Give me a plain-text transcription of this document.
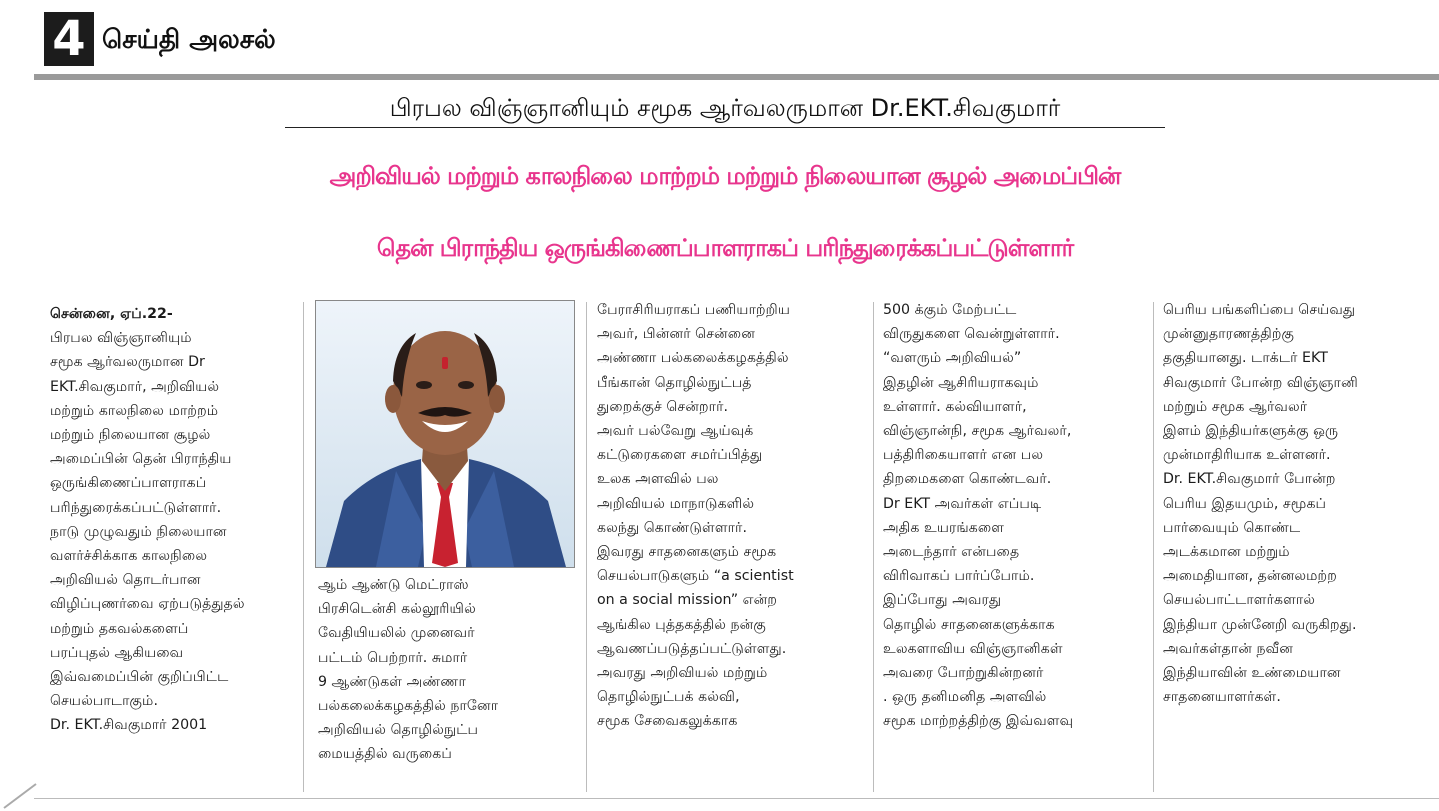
4 செய்தி அலசல்
பிரபல விஞ்ஞானியும் சமூக ஆர்வலருமான Dr.EKT.சிவகுமார்
அறிவியல் மற்றும் காலநிலை மாற்றம் மற்றும் நிலையான சூழல் அமைப்பின்
தென் பிராந்திய ஒருங்கிணைப்பாளராகப் பரிந்துரைக்கப்பட்டுள்ளார்
சென்னை, ஏப்.22-
பிரபல விஞ்ஞானியும்
சமூக ஆர்வலருமான Dr
EKT.சிவகுமார், அறிவியல்
மற்றும் காலநிலை மாற்றம்
மற்றும் நிலையான சூழல்
அமைப்பின் தென் பிராந்திய
ஒருங்கிணைப்பாளராகப்
பரிந்துரைக்கப்பட்டுள்ளார்.
நாடு முழுவதும் நிலையான
வளர்ச்சிக்காக காலநிலை
அறிவியல் தொடர்பான
விழிப்புணர்வை ஏற்படுத்துதல்
மற்றும் தகவல்களைப்
பரப்புதல் ஆகியவை
இவ்வமைப்பின் குறிப்பிட்ட
செயல்பாடாகும்.
Dr. EKT.சிவகுமார் 2001
ஆம் ஆண்டு மெட்ராஸ்
பிரசிடென்சி கல்லூரியில்
வேதியியலில் முனைவர்
பட்டம் பெற்றார். சுமார்
9 ஆண்டுகள் அண்ணா
பல்கலைக்கழகத்தில் நானோ
அறிவியல் தொழில்நுட்ப
மையத்தில் வருகைப்
பேராசிரியராகப் பணியாற்றிய
அவர், பின்னர் சென்னை
அண்ணா பல்கலைக்கழகத்தில்
பீங்கான் தொழில்நுட்பத்
துறைக்குச் சென்றார்.
அவர் பல்வேறு ஆய்வுக்
கட்டுரைகளை சமர்ப்பித்து
உலக அளவில் பல
அறிவியல் மாநாடுகளில்
கலந்து கொண்டுள்ளார்.
இவரது சாதனைகளும் சமூக
செயல்பாடுகளும் “a scientist
on a social mission” என்ற
ஆங்கில புத்தகத்தில் நன்கு
ஆவணப்படுத்தப்பட்டுள்ளது.
அவரது அறிவியல் மற்றும்
தொழில்நுட்பக் கல்வி,
சமூக சேவைகலுக்காக
500 க்கும் மேற்பட்ட
விருதுகளை வென்றுள்ளார்.
“வளரும் அறிவியல்”
இதழின் ஆசிரியராகவும்
உள்ளார். கல்வியாளர்,
விஞ்ஞான்நி, சமூக ஆர்வலர்,
பத்திரிகையாளர் என பல
திறமைகளை கொண்டவர்.
Dr EKT அவர்கள் எப்படி
அதிக உயரங்களை
அடைந்தார் என்பதை
விரிவாகப் பார்ப்போம்.
இப்போது அவரது
தொழில் சாதனைகளுக்காக
உலகளாவிய விஞ்ஞானிகள்
அவரை போற்றுகின்றனர்
. ஒரு தனிமனித அளவில்
சமூக மாற்றத்திற்கு இவ்வளவு
பெரிய பங்களிப்பை செய்வது
முன்னுதாரணத்திற்கு
தகுதியானது. டாக்டர் EKT
சிவகுமார் போன்ற விஞ்ஞானி
மற்றும் சமூக ஆர்வலர்
இளம் இந்தியர்களுக்கு ஒரு
முன்மாதிரியாக உள்ளனர்.
Dr. EKT.சிவகுமார் போன்ற
பெரிய இதயமும், சமூகப்
பார்வையும் கொண்ட
அடக்கமான மற்றும்
அமைதியான, தன்னலமற்ற
செயல்பாட்டாளர்களால்
இந்தியா முன்னேறி வருகிறது.
அவர்கள்தான் நவீன
இந்தியாவின் உண்மையான
சாதனையாளர்கள்.
